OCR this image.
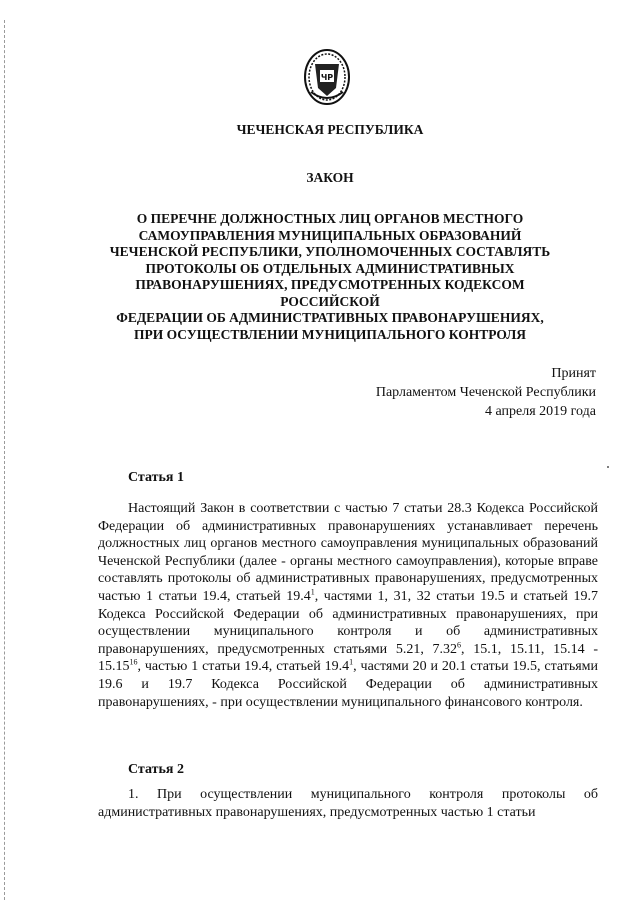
ЧР
ЧЕЧЕНСКАЯ РЕСПУБЛИКА
ЗАКОН
О ПЕРЕЧНЕ ДОЛЖНОСТНЫХ ЛИЦ ОРГАНОВ МЕСТНОГО
САМОУПРАВЛЕНИЯ МУНИЦИПАЛЬНЫХ ОБРАЗОВАНИЙ
ЧЕЧЕНСКОЙ РЕСПУБЛИКИ, УПОЛНОМОЧЕННЫХ СОСТАВЛЯТЬ
ПРОТОКОЛЫ ОБ ОТДЕЛЬНЫХ АДМИНИСТРАТИВНЫХ
ПРАВОНАРУШЕНИЯХ, ПРЕДУСМОТРЕННЫХ КОДЕКСОМ РОССИЙСКОЙ
ФЕДЕРАЦИИ ОБ АДМИНИСТРАТИВНЫХ ПРАВОНАРУШЕНИЯХ,
ПРИ ОСУЩЕСТВЛЕНИИ МУНИЦИПАЛЬНОГО КОНТРОЛЯ
Принят
Парламентом Чеченской Республики
4 апреля 2019 года
Статья 1
Настоящий Закон в соответствии с частью 7 статьи 28.3 Кодекса Российской Федерации об административных правонарушениях устанавливает перечень должностных лиц органов местного самоуправления муниципальных образований Чеченской Республики (далее - органы местного самоуправления), которые вправе составлять протоколы об административных правонарушениях, предусмотренных частью 1 статьи 19.4, статьей 19.4$^1$, частями 1, 31, 32 статьи 19.5 и статьей 19.7 Кодекса Российской Федерации об административных правонарушениях, при осуществлении муниципального контроля и об административных правонарушениях, предусмотренных статьями 5.21, 7.32$^6$, 15.1, 15.11, 15.14 - 15.15$^{16}$, частью 1 статьи 19.4, статьей 19.4$^1$, частями 20 и 20.1 статьи 19.5, статьями 19.6 и 19.7 Кодекса Российской Федерации об административных правонарушениях, - при осуществлении муниципального финансового контроля.
Статья 2
1. При осуществлении муниципального контроля протоколы об административных правонарушениях, предусмотренных частью 1 статьи
